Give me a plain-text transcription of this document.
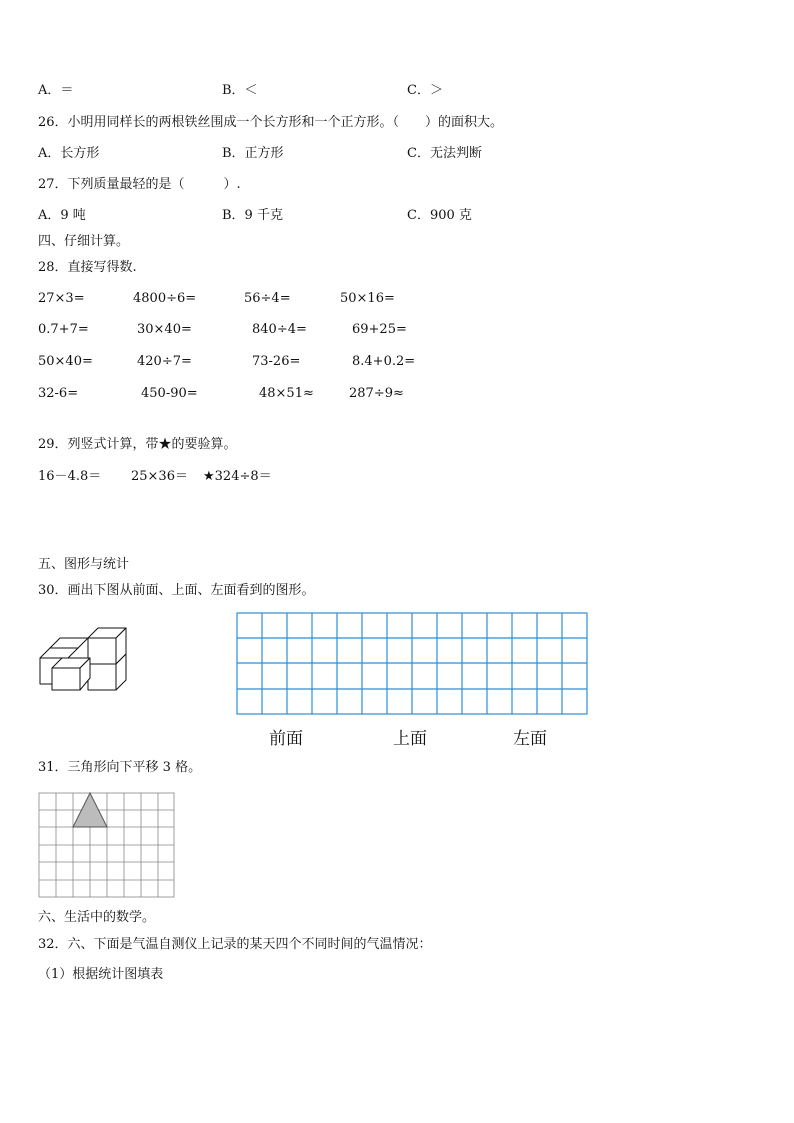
A．＝	B．＜	C．＞
26．小明用同样长的两根铁丝围成一个长方形和一个正方形。（　　）的面积大。
A．长方形	B．正方形	C．无法判断
27．下列质量最轻的是（　　　）.
A．9 吨	B．9 千克	C．900 克
四、仔细计算。
28．直接写得数.
27×3=	4800÷6=	56÷4=	50×16=
0.7+7=	30×40=	840÷4=	69+25=
50×40=	420÷7=	73-26=	8.4+0.2=
32-6=	450-90=	48×51≈	287÷9≈
29．列竖式计算，带★的要验算。
16－4.8＝ 25×36＝ ★324÷8＝
五、图形与统计
30．画出下图从前面、上面、左面看到的图形。
前面	上面	左面
31．三角形向下平移 3 格。
六、生活中的数学。
32．六、下面是气温自测仪上记录的某天四个不同时间的气温情况：
（1）根据统计图填表
